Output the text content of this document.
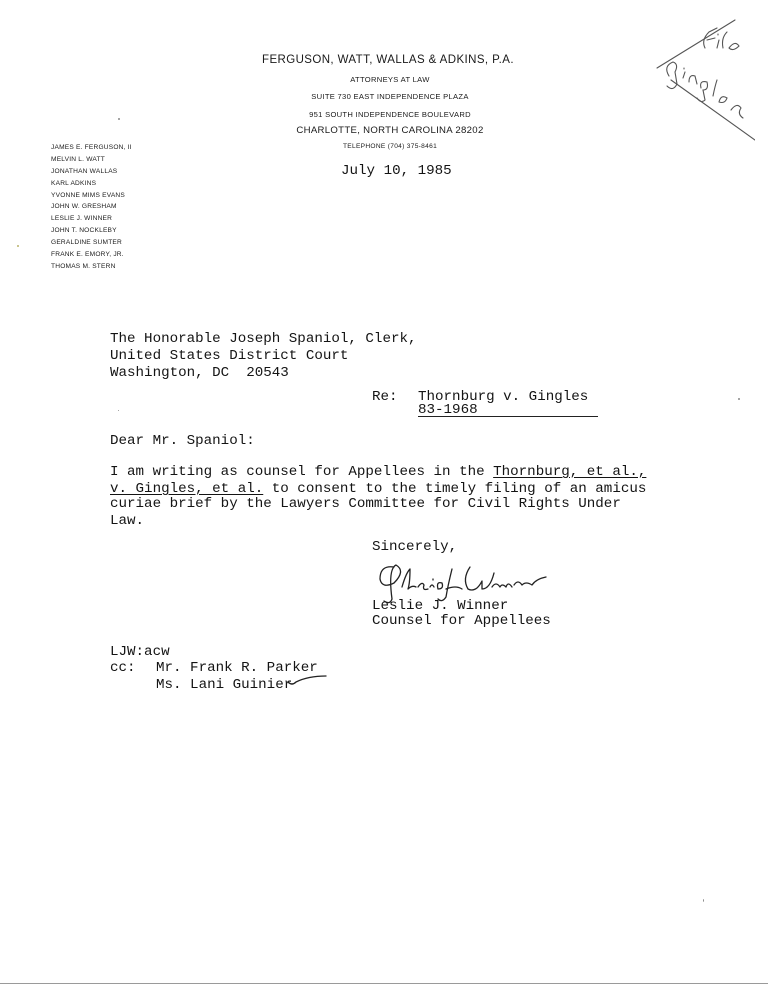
FERGUSON, WATT, WALLAS & ADKINS, P.A.
ATTORNEYS AT LAW
SUITE 730 EAST INDEPENDENCE PLAZA
951 SOUTH INDEPENDENCE BOULEVARD
CHARLOTTE, NORTH CAROLINA 28202
TELEPHONE (704) 375-8461
JAMES E. FERGUSON, II
MELVIN L. WATT
JONATHAN WALLAS
KARL ADKINS
YVONNE MIMS EVANS
JOHN W. GRESHAM
LESLIE J. WINNER
JOHN T. NOCKLEBY
GERALDINE SUMTER
FRANK E. EMORY, JR.
THOMAS M. STERN
July 10, 1985
The Honorable Joseph Spaniol, Clerk,
United States District Court
Washington, DC  20543
Re: Thornburg v. Gingles
83-1968
Dear Mr. Spaniol:
I am writing as counsel for Appellees in the Thornburg, et al.,
v. Gingles, et al. to consent to the timely filing of an amicus
curiae brief by the Lawyers Committee for Civil Rights Under
Law.
Sincerely,
Leslie J. Winner
Counsel for Appellees
LJW:acw
cc: Mr. Frank R. Parker
Ms. Lani Guinier
